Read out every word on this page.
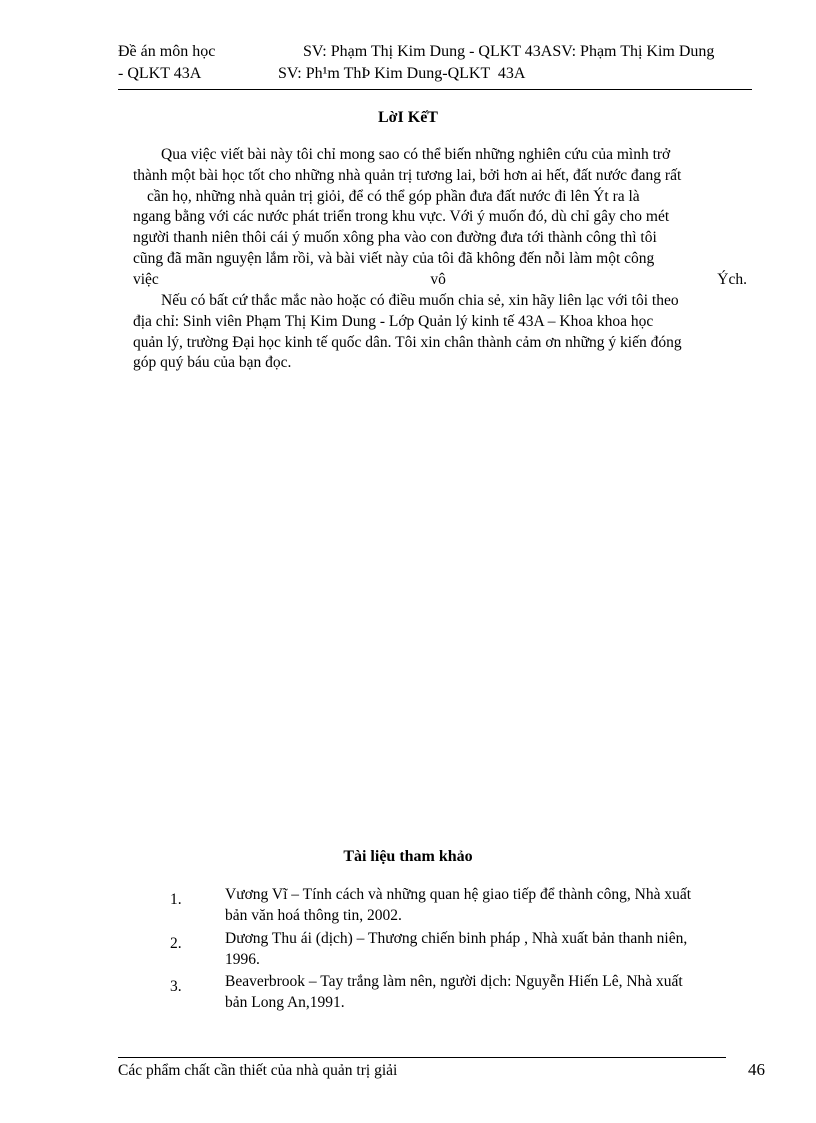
Đề án môn học	SV: Phạm Thị Kim Dung - QLKT 43ASV: Phạm Thị Kim Dung
- QLKT 43A	SV: Ph¹m ThÞ Kim Dung-QLKT  43A
LờI KếT
Qua việc viết bài này tôi chỉ mong sao có thể biến những nghiên cứu của mình trở
thành một bài học tốt cho những nhà quản trị tương lai, bởi hơn ai hết, đất nước đang rất
cần họ, những nhà quản trị giỏi, để có thể góp phần đưa đất nước đi lên Ýt ra là
ngang bằng với các nước phát triển trong khu vực. Với ý muốn đó, dù chỉ gây cho mét
người thanh niên thôi cái ý muốn xông pha vào con đường đưa tới thành công thì tôi
cũng đã mãn nguyện lắm rồi, và bài viết này của tôi đã không đến nỗi làm một công
việc	vô	Ých.
Nếu có bất cứ thắc mắc nào hoặc có điều muốn chia sẻ, xin hãy liên lạc với tôi theo
địa chỉ: Sinh viên Phạm Thị Kim Dung - Lớp Quản lý kinh tế 43A – Khoa khoa học
quản lý, trường Đại học kinh tế quốc dân. Tôi xin chân thành cảm ơn những ý kiến đóng
góp quý báu của bạn đọc.
Tài liệu tham khảo
1.	Vương Vĩ – Tính cách và những quan hệ giao tiếp để thành công, Nhà xuất
bản văn hoá thông tin, 2002.
2.	Dương Thu ái (dịch) – Thương chiến binh pháp , Nhà xuất bản thanh niên,
1996.
3.	Beaverbrook – Tay trắng làm nên, người dịch: Nguyễn Hiến Lê, Nhà xuất
bản Long An,1991.
Các phẩm chất cần thiết của nhà quản trị giải	46
